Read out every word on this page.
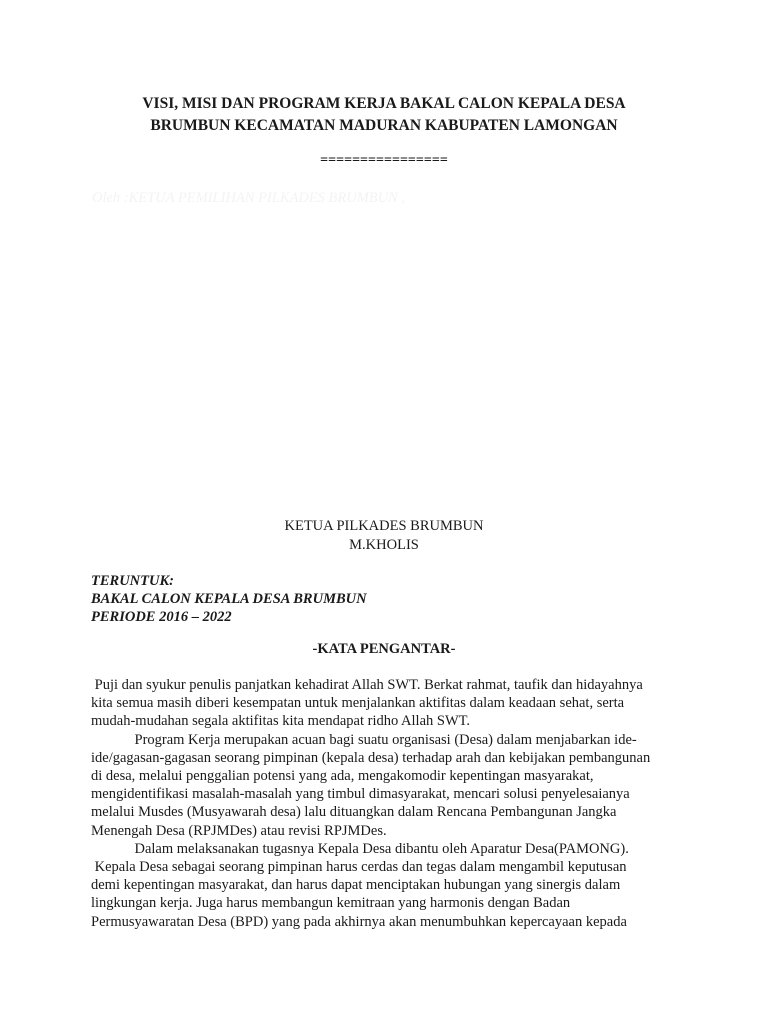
VISI, MISI DAN PROGRAM KERJA BAKAL CALON KEPALA DESA
BRUMBUN KECAMATAN MADURAN KABUPATEN LAMONGAN
================
Oleh :KETUA PEMILIHAN PILKADES BRUMBUN ,
KETUA PILKADES BRUMBUN
M.KHOLIS
TERUNTUK:
BAKAL CALON KEPALA DESA BRUMBUN
PERIODE 2016 – 2022
-KATA PENGANTAR-

Puji dan syukur penulis panjatkan kehadirat Allah SWT. Berkat rahmat, taufik dan hidayahnya

kita semua masih diberi kesempatan untuk menjalankan aktifitas dalam keadaan sehat, serta

mudah-mudahan segala aktifitas kita mendapat ridho Allah SWT.

Program Kerja merupakan acuan bagi suatu organisasi (Desa) dalam menjabarkan ide-

ide/gagasan-gagasan seorang pimpinan (kepala desa) terhadap arah dan kebijakan pembangunan

di desa, melalui penggalian potensi yang ada, mengakomodir kepentingan masyarakat,

mengidentifikasi masalah-masalah yang timbul dimasyarakat, mencari solusi penyelesaianya

melalui Musdes (Musyawarah desa) lalu dituangkan dalam Rencana Pembangunan Jangka

Menengah Desa (RPJMDes) atau revisi RPJMDes.

Dalam melaksanakan tugasnya Kepala Desa dibantu oleh Aparatur Desa(PAMONG).

Kepala Desa sebagai seorang pimpinan harus cerdas dan tegas dalam mengambil keputusan

demi kepentingan masyarakat, dan harus dapat menciptakan hubungan yang sinergis dalam

lingkungan kerja. Juga harus membangun kemitraan yang harmonis dengan Badan

Permusyawaratan Desa (BPD) yang pada akhirnya akan menumbuhkan kepercayaan kepada
